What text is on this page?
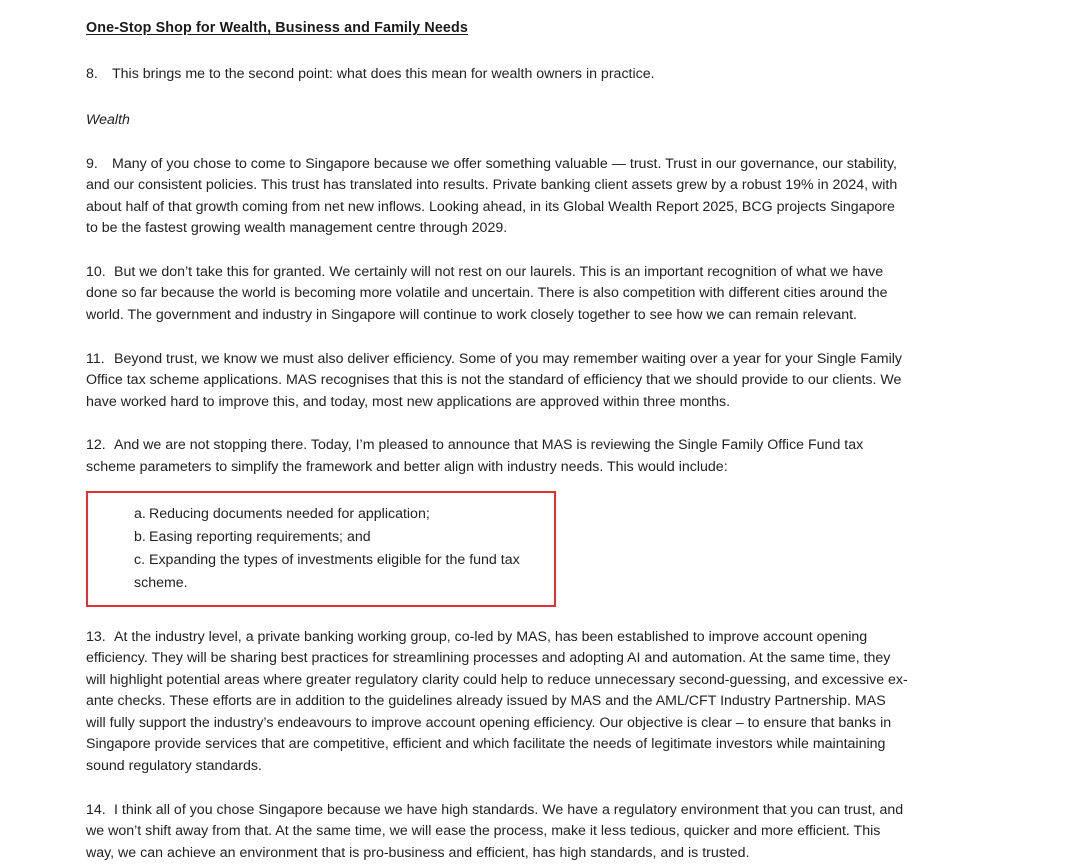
One-Stop Shop for Wealth, Business and Family Needs

8. This brings me to the second point: what does this mean for wealth owners in practice.

Wealth

9. Many of you chose to come to Singapore because we offer something valuable — trust. Trust in our governance, our stability, and our consistent policies. This trust has translated into results. Private banking client assets grew by a robust 19% in 2024, with about half of that growth coming from net new inflows. Looking ahead, in its Global Wealth Report 2025, BCG projects Singapore to be the fastest growing wealth management centre through 2029.

10. But we don’t take this for granted. We certainly will not rest on our laurels. This is an important recognition of what we have done so far because the world is becoming more volatile and uncertain. There is also competition with different cities around the world. The government and industry in Singapore will continue to work closely together to see how we can remain relevant.

11. Beyond trust, we know we must also deliver efficiency. Some of you may remember waiting over a year for your Single Family Office tax scheme applications. MAS recognises that this is not the standard of efficiency that we should provide to our clients. We have worked hard to improve this, and today, most new applications are approved within three months.

12. And we are not stopping there. Today, I’m pleased to announce that MAS is reviewing the Single Family Office Fund tax scheme parameters to simplify the framework and better align with industry needs. This would include:

a. Reducing documents needed for application;
b. Easing reporting requirements; and
c. Expanding the types of investments eligible for the fund tax scheme.

13. At the industry level, a private banking working group, co-led by MAS, has been established to improve account opening efficiency. They will be sharing best practices for streamlining processes and adopting AI and automation. At the same time, they will highlight potential areas where greater regulatory clarity could help to reduce unnecessary second-guessing, and excessive ex-ante checks. These efforts are in addition to the guidelines already issued by MAS and the AML/CFT Industry Partnership. MAS will fully support the industry’s endeavours to improve account opening efficiency. Our objective is clear – to ensure that banks in Singapore provide services that are competitive, efficient and which facilitate the needs of legitimate investors while maintaining sound regulatory standards.

14. I think all of you chose Singapore because we have high standards. We have a regulatory environment that you can trust, and we won’t shift away from that. At the same time, we will ease the process, make it less tedious, quicker and more efficient. This way, we can achieve an environment that is pro-business and efficient, has high standards, and is trusted.
